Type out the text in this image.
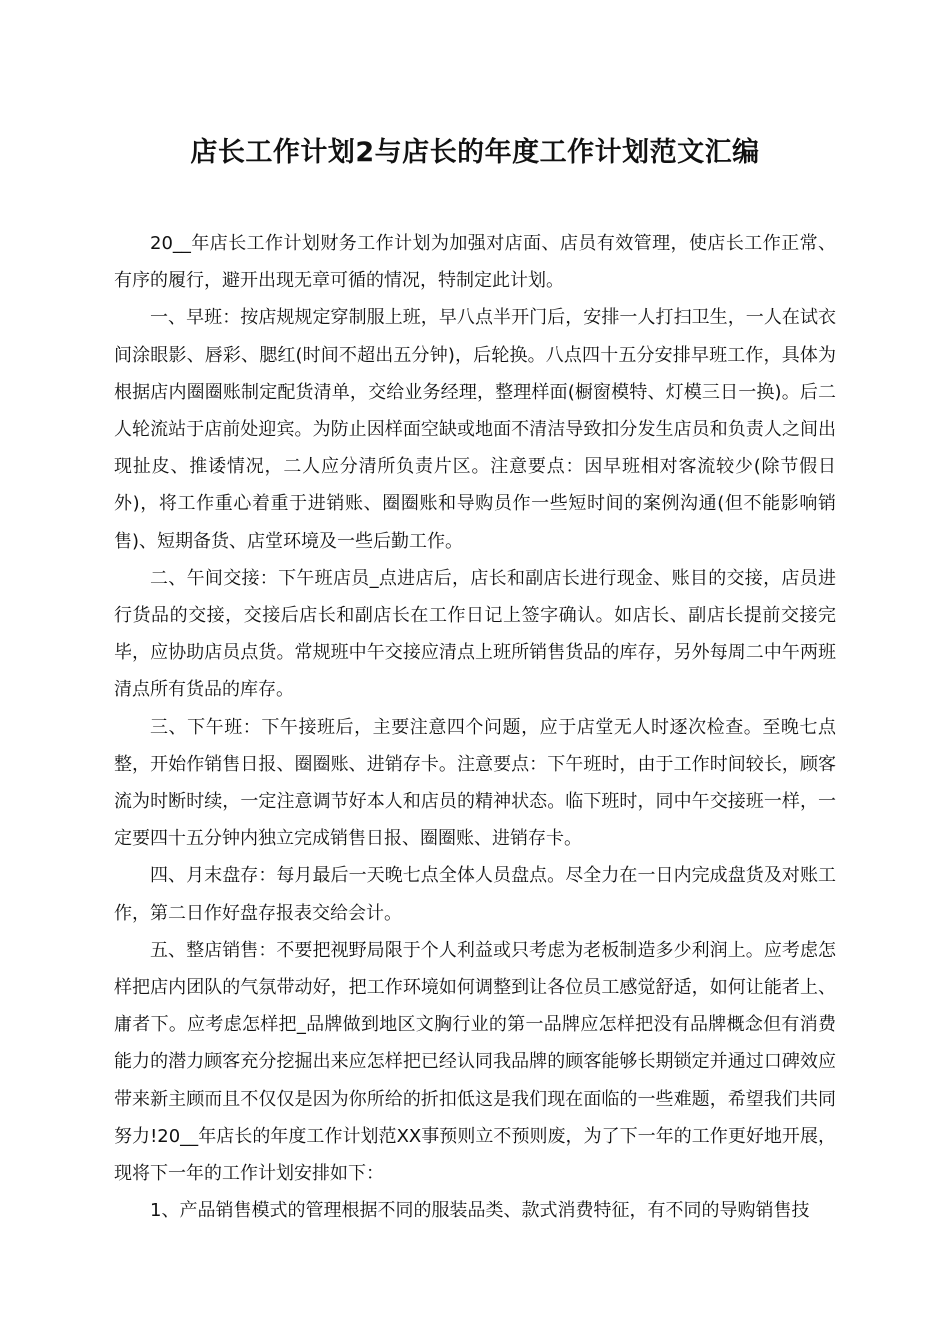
店长工作计划2与店长的年度工作计划范文汇编

20__年店长工作计划财务工作计划为加强对店面、店员有效管理，使店长工作正常、有序的履行，避开出现无章可循的情况，特制定此计划。

一、早班：按店规规定穿制服上班，早八点半开门后，安排一人打扫卫生，一人在试衣间涂眼影、唇彩、腮红(时间不超出五分钟)，后轮换。八点四十五分安排早班工作，具体为根据店内圈圈账制定配货清单，交给业务经理，整理样面(橱窗模特、灯模三日一换)。后二人轮流站于店前处迎宾。为防止因样面空缺或地面不清洁导致扣分发生店员和负责人之间出现扯皮、推诿情况，二人应分清所负责片区。注意要点：因早班相对客流较少(除节假日外)，将工作重心着重于进销账、圈圈账和导购员作一些短时间的案例沟通(但不能影响销售)、短期备货、店堂环境及一些后勤工作。

二、午间交接：下午班店员_点进店后，店长和副店长进行现金、账目的交接，店员进行货品的交接，交接后店长和副店长在工作日记上签字确认。如店长、副店长提前交接完毕，应协助店员点货。常规班中午交接应清点上班所销售货品的库存，另外每周二中午两班清点所有货品的库存。

三、下午班：下午接班后，主要注意四个问题，应于店堂无人时逐次检查。至晚七点整，开始作销售日报、圈圈账、进销存卡。注意要点：下午班时，由于工作时间较长，顾客流为时断时续，一定注意调节好本人和店员的精神状态。临下班时，同中午交接班一样，一定要四十五分钟内独立完成销售日报、圈圈账、进销存卡。

四、月末盘存：每月最后一天晚七点全体人员盘点。尽全力在一日内完成盘货及对账工作，第二日作好盘存报表交给会计。

五、整店销售：不要把视野局限于个人利益或只考虑为老板制造多少利润上。应考虑怎样把店内团队的气氛带动好，把工作环境如何调整到让各位员工感觉舒适，如何让能者上、庸者下。应考虑怎样把_品牌做到地区文胸行业的第一品牌应怎样把没有品牌概念但有消费能力的潜力顾客充分挖掘出来应怎样把已经认同我品牌的顾客能够长期锁定并通过口碑效应带来新主顾而且不仅仅是因为你所给的折扣低这是我们现在面临的一些难题，希望我们共同努力!20__年店长的年度工作计划范XX事预则立不预则废，为了下一年的工作更好地开展，现将下一年的工作计划安排如下：

1、产品销售模式的管理根据不同的服装品类、款式消费特征，有不同的导购销售技
